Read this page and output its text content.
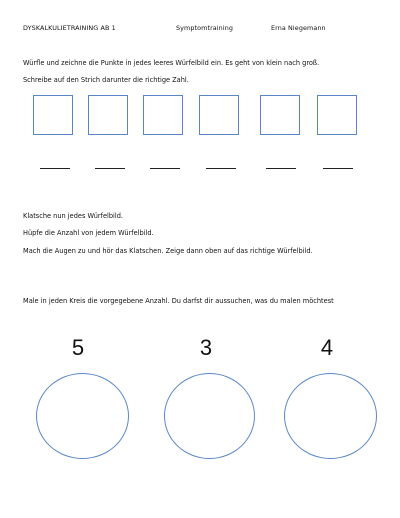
DYSKALKULIETRAINING AB 1	Symptomtraining	Erna Niegemann
Würfle und zeichne die Punkte in jedes leeres Würfelbild ein. Es geht von klein nach groß.
Schreibe auf den Strich darunter die richtige Zahl.
Klatsche nun jedes Würfelbild.
Hüpfe die Anzahl von jedem Würfelbild.
Mach die Augen zu und hör das Klatschen. Zeige dann oben auf das richtige Würfelbild.
Male in jeden Kreis die vorgegebene Anzahl. Du darfst dir aussuchen, was du malen möchtest
5	3	4
